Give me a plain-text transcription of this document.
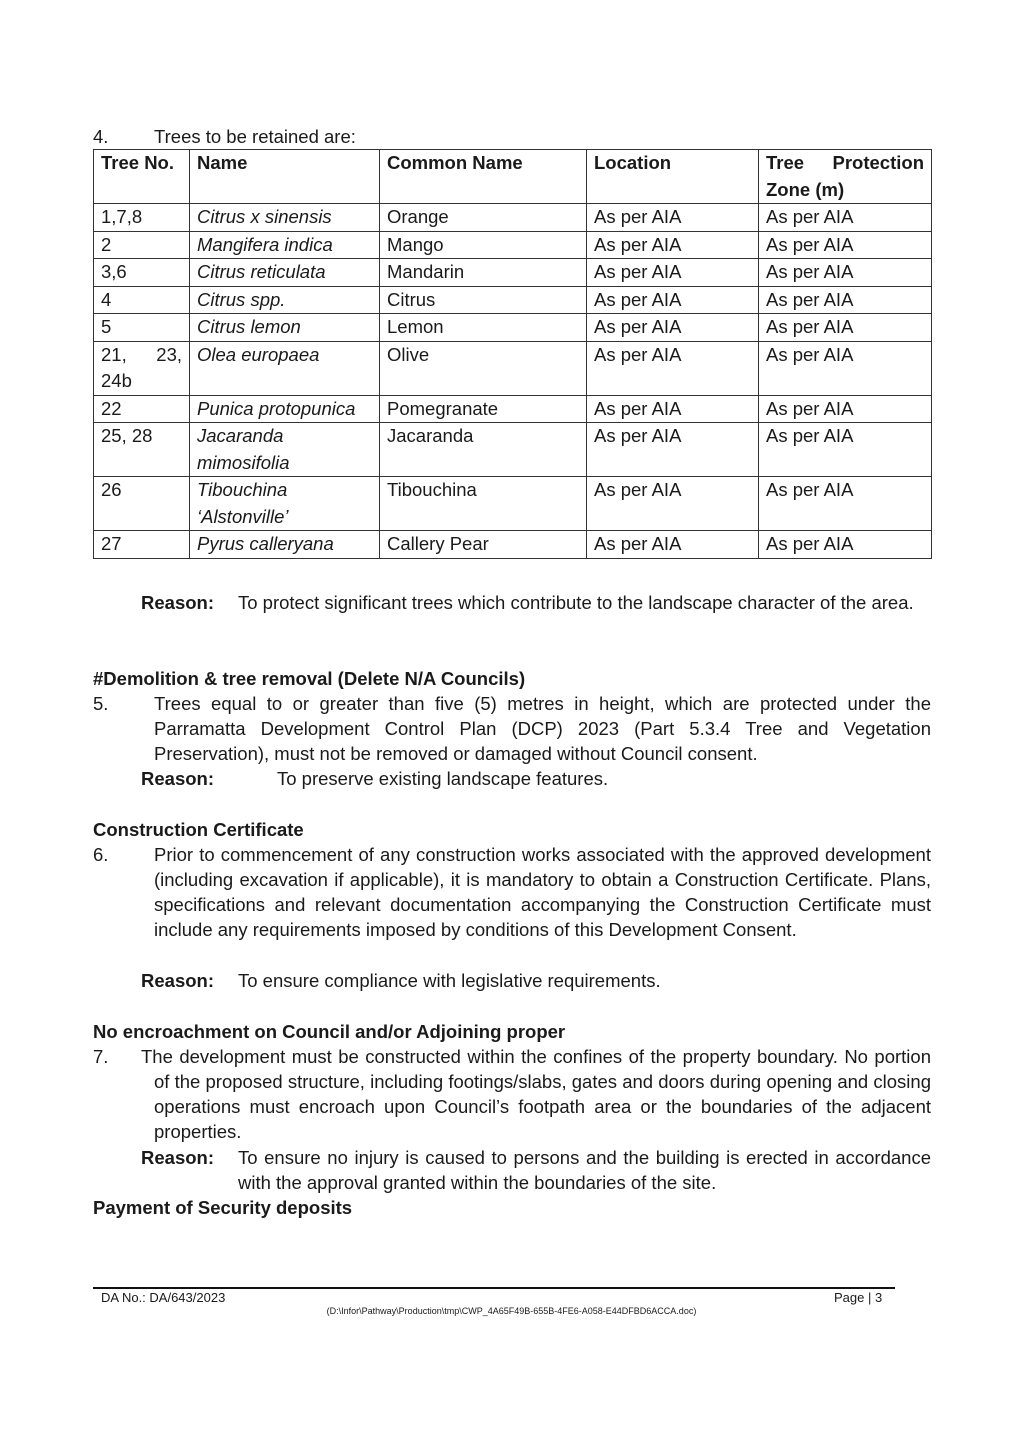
4.	Trees to be retained are:
Tree No.	Name	Common Name	Location	Tree Protection Zone (m)
1,7,8	Citrus x sinensis	Orange	As per AIA	As per AIA
2	Mangifera indica	Mango	As per AIA	As per AIA
3,6	Citrus reticulata	Mandarin	As per AIA	As per AIA
4	Citrus spp.	Citrus	As per AIA	As per AIA
5	Citrus lemon	Lemon	As per AIA	As per AIA
21, 23, 24b	Olea europaea	Olive	As per AIA	As per AIA
22	Punica protopunica	Pomegranate	As per AIA	As per AIA
25, 28	Jacaranda mimosifolia	Jacaranda	As per AIA	As per AIA
26	Tibouchina ‘Alstonville’	Tibouchina	As per AIA	As per AIA
27	Pyrus calleryana	Callery Pear	As per AIA	As per AIA
Reason:	To protect significant trees which contribute to the landscape character of the area.
#Demolition & tree removal (Delete N/A Councils)
5. Trees equal to or greater than five (5) metres in height, which are protected under the Parramatta Development Control Plan (DCP) 2023 (Part 5.3.4 Tree and Vegetation Preservation), must not be removed or damaged without Council consent.
Reason:	To preserve existing landscape features.
Construction Certificate
6. Prior to commencement of any construction works associated with the approved development (including excavation if applicable), it is mandatory to obtain a Construction Certificate. Plans, specifications and relevant documentation accompanying the Construction Certificate must include any requirements imposed by conditions of this Development Consent.
Reason:	To ensure compliance with legislative requirements.
No encroachment on Council and/or Adjoining proper
7. The development must be constructed within the confines of the property boundary. No portion of the proposed structure, including footings/slabs, gates and doors during opening and closing operations must encroach upon Council’s footpath area or the boundaries of the adjacent properties.
Reason:	To ensure no injury is caused to persons and the building is erected in accordance with the approval granted within the boundaries of the site.
Payment of Security deposits
DA No.: DA/643/2023	Page | 3
(D:\Infor\Pathway\Production\tmp\CWP_4A65F49B-655B-4FE6-A058-E44DFBD6ACCA.doc)
